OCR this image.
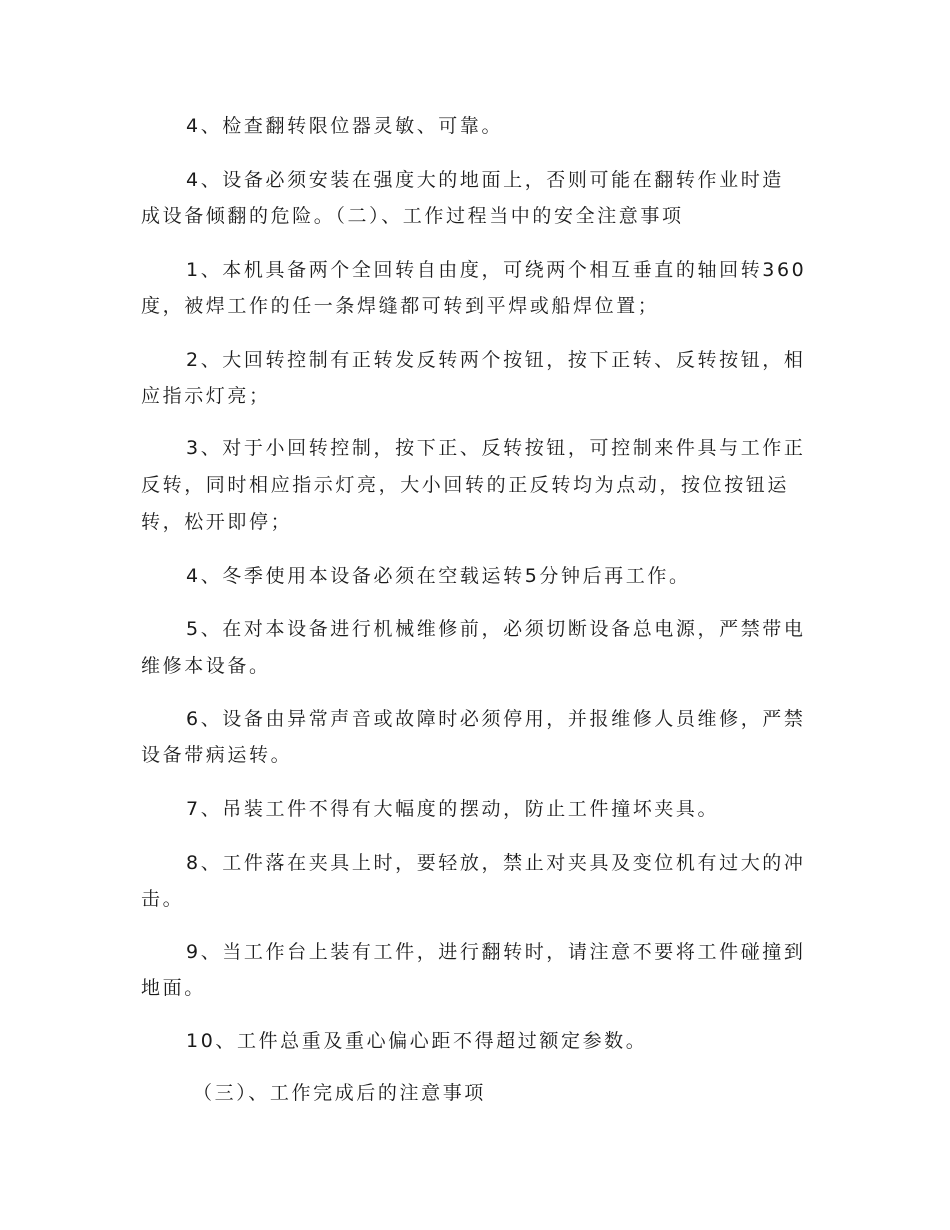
4、检查翻转限位器灵敏、可靠。
4、设备必须安装在强度大的地面上，否则可能在翻转作业时造
成设备倾翻的危险。（二）、工作过程当中的安全注意事项
1、本机具备两个全回转自由度，可绕两个相互垂直的轴回转360
度，被焊工作的任一条焊缝都可转到平焊或船焊位置；
2、大回转控制有正转发反转两个按钮，按下正转、反转按钮，相
应指示灯亮；
3、对于小回转控制，按下正、反转按钮，可控制来件具与工作正
反转，同时相应指示灯亮，大小回转的正反转均为点动，按位按钮运
转，松开即停；
4、冬季使用本设备必须在空载运转5分钟后再工作。
5、在对本设备进行机械维修前，必须切断设备总电源，严禁带电
维修本设备。
6、设备由异常声音或故障时必须停用，并报维修人员维修，严禁
设备带病运转。
7、吊装工件不得有大幅度的摆动，防止工件撞坏夹具。
8、工件落在夹具上时，要轻放，禁止对夹具及变位机有过大的冲
击。
9、当工作台上装有工件，进行翻转时，请注意不要将工件碰撞到
地面。
10、工件总重及重心偏心距不得超过额定参数。
（三）、工作完成后的注意事项
